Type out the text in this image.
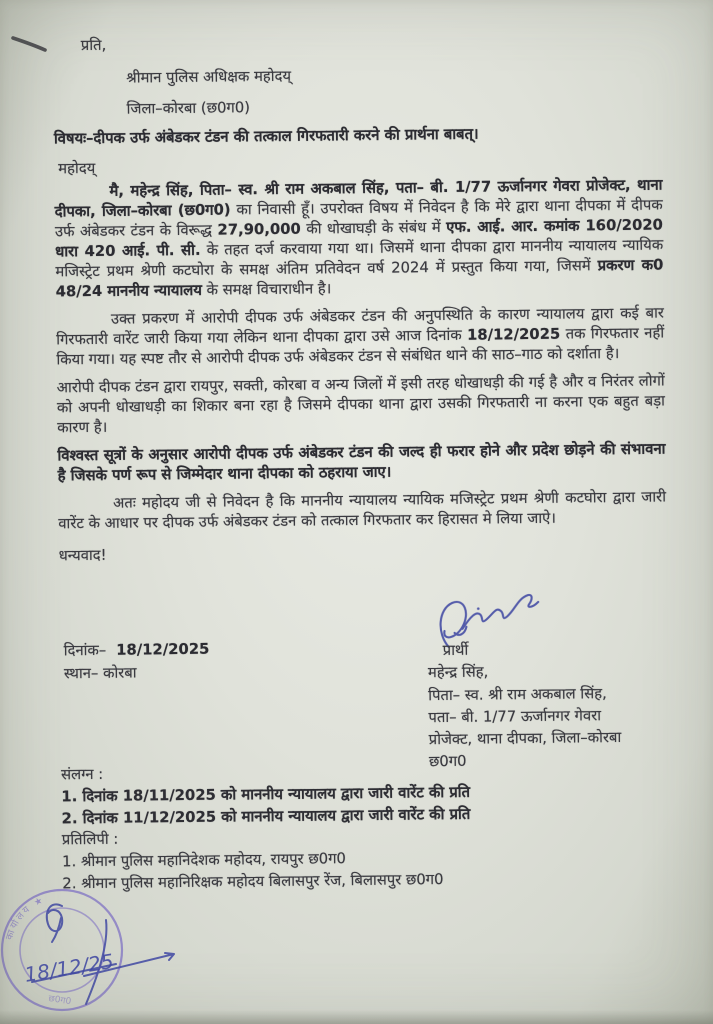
प्रति,
श्रीमान पुलिस अधिक्षक महोदय्
जिला–कोरबा (छ0ग0)
विषयः–दीपक उर्फ अंबेडकर टंडन की तत्काल गिरफतारी करने की प्रार्थना बाबत्।
महोदय्

मै, महेन्द्र सिंह, पिता– स्व. श्री राम अकबाल सिंह, पता– बी. 1/77 ऊर्जानगर गेवरा प्रोजेक्ट, थाना दीपका, जिला–कोरबा (छ0ग0) का निवासी हूँ। उपरोक्त विषय में निवेदन है कि मेरे द्वारा थाना दीपका में दीपक उर्फ अंबेडकर टंडन के विरूद्ध 27,90,000 की धोखाघड़ी के संबंध में एफ. आई. आर. कमांक 160/2020 धारा 420 आई. पी. सी. के तहत दर्ज करवाया गया था। जिसमें थाना दीपका द्वारा माननीय न्यायालय न्यायिक मजिस्ट्रेट प्रथम श्रेणी कटघोरा के समक्ष अंतिम प्रतिवेदन वर्ष 2024 में प्रस्तुत किया गया, जिसमें प्रकरण क0 48/24 माननीय न्यायालय के समक्ष विचाराधीन है।

उक्त प्रकरण में आरोपी दीपक उर्फ अंबेडकर टंडन की अनुपस्थिति के कारण न्यायालय द्वारा कई बार गिरफतारी वारेंट जारी किया गया लेकिन थाना दीपका द्वारा उसे आज दिनांक 18/12/2025 तक गिरफतार नहीं किया गया। यह स्पष्ट तौर से आरोपी दीपक उर्फ अंबेडकर टंडन से संबंधित थाने की साठ–गाठ को दर्शाता है।

आरोपी दीपक टंडन द्वारा रायपुर, सक्ती, कोरबा व अन्य जिलों में इसी तरह धोखाधड़ी की गई है और व निरंतर लोगों को अपनी धोखाधड़ी का शिकार बना रहा है जिसमे दीपका थाना द्वारा उसकी गिरफतारी ना करना एक बहुत बड़ा कारण है।

विश्वस्त सूत्रों के अनुसार आरोपी दीपक उर्फ अंबेडकर टंडन की जल्द ही फरार होने और प्रदेश छोड़ने की संभावना है जिसके पर्ण रूप से जिम्मेदार थाना दीपका को ठहराया जाए।

अतः महोदय जी से निवेदन है कि माननीय न्यायालय न्यायिक मजिस्ट्रेट प्रथम श्रेणी कटघोरा द्वारा जारी वारेंट के आधार पर दीपक उर्फ अंबेडकर टंडन को तत्काल गिरफतार कर हिरासत मे लिया जाऐ।

धन्यवाद!

दिनांक– 18/12/2025
स्थान– कोरबा
प्रार्थी
महेन्द्र सिंह,
पिता– स्व. श्री राम अकबाल सिंह,
पता– बी. 1/77 ऊर्जानगर गेवरा
प्रोजेक्ट, थाना दीपका, जिला–कोरबा
छ0ग0
संलग्न :
1. दिनांक 18/11/2025 को माननीय न्यायालय द्वारा जारी वारेंट की प्रति
2. दिनांक 11/12/2025 को माननीय न्यायालय द्वारा जारी वारेंट की प्रति
प्रतिलिपी :
1. श्रीमान पुलिस महानिदेशक महोदय, रायपुर छ0ग0
2. श्रीमान पुलिस महानिरिक्षक महोदय बिलासपुर रेंज, बिलासपुर छ0ग0
कार्यालय ★
छ0ग0
18/12/25
